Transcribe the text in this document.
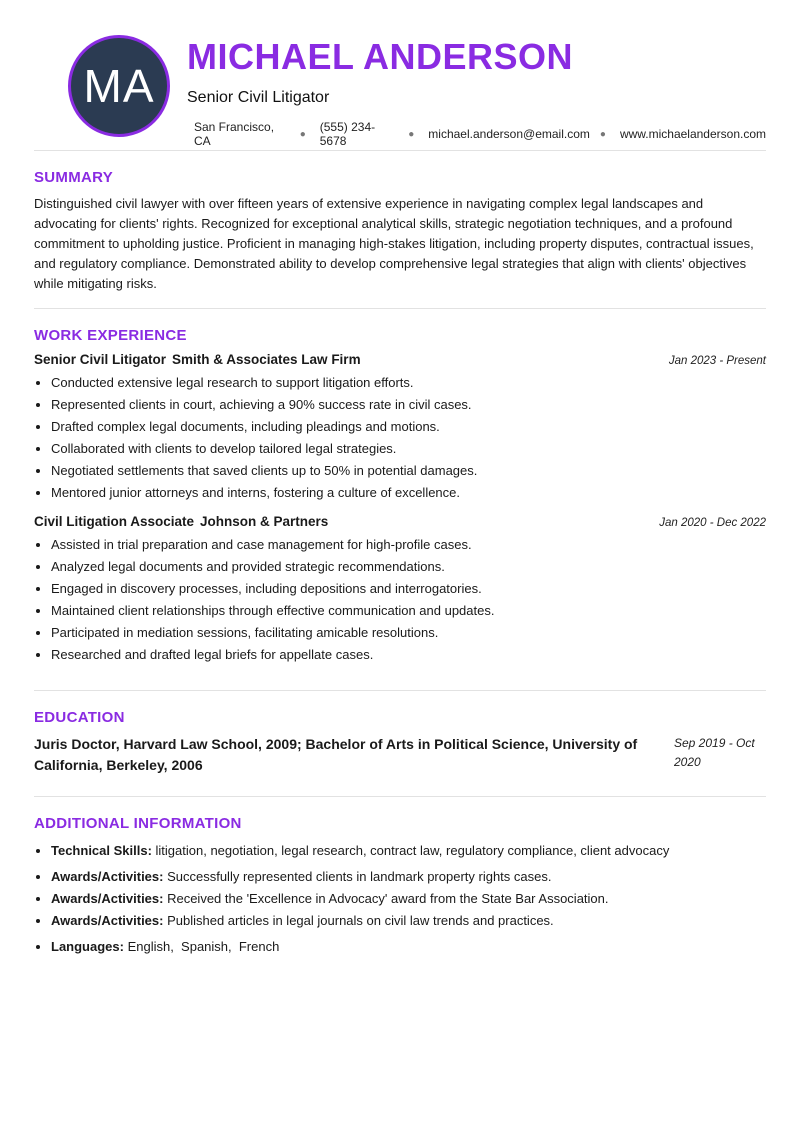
MA
MICHAEL ANDERSON
Senior Civil Litigator
San Francisco, CA	● (555) 234-5678	● michael.anderson@email.com ● www.michaelanderson.com
SUMMARY
Distinguished civil lawyer with over fifteen years of extensive experience in navigating complex legal landscapes and advocating for clients' rights. Recognized for exceptional analytical skills, strategic negotiation techniques, and a profound commitment to upholding justice. Proficient in managing high-stakes litigation, including property disputes, contractual issues, and regulatory compliance. Demonstrated ability to develop comprehensive legal strategies that align with clients' objectives while mitigating risks.
WORK EXPERIENCE
Senior Civil Litigator Smith & Associates Law Firm	Jan 2023 - Present
• Conducted extensive legal research to support litigation efforts.
• Represented clients in court, achieving a 90% success rate in civil cases.
• Drafted complex legal documents, including pleadings and motions.
• Collaborated with clients to develop tailored legal strategies.
• Negotiated settlements that saved clients up to 50% in potential damages.
• Mentored junior attorneys and interns, fostering a culture of excellence.
Civil Litigation Associate Johnson & Partners	Jan 2020 - Dec 2022
• Assisted in trial preparation and case management for high-profile cases.
• Analyzed legal documents and provided strategic recommendations.
• Engaged in discovery processes, including depositions and interrogatories.
• Maintained client relationships through effective communication and updates.
• Participated in mediation sessions, facilitating amicable resolutions.
• Researched and drafted legal briefs for appellate cases.
EDUCATION
Juris Doctor, Harvard Law School, 2009; Bachelor of Arts in Political Science, University of California, Berkeley, 2006
Sep 2019 - Oct 2020
ADDITIONAL INFORMATION
• Technical Skills: litigation, negotiation, legal research, contract law, regulatory compliance, client advocacy
• Awards/Activities: Successfully represented clients in landmark property rights cases.
• Awards/Activities: Received the 'Excellence in Advocacy' award from the State Bar Association.
• Awards/Activities: Published articles in legal journals on civil law trends and practices.
• Languages: English,  Spanish,  French
